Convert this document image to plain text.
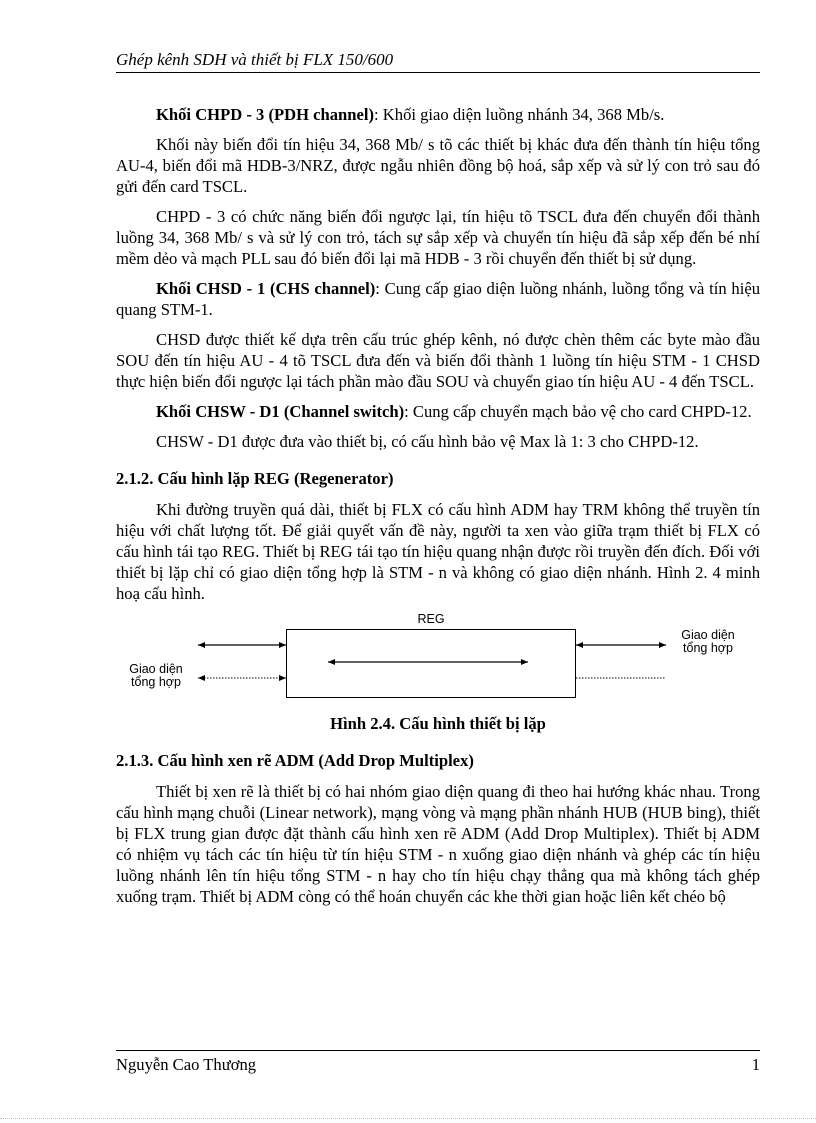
Ghép kênh SDH và thiết bị FLX 150/600

Khối CHPD - 3 (PDH channel): Khối giao diện luồng nhánh 34, 368 Mb/s.

Khối này biến đổi tín hiệu 34, 368 Mb/ s tõ các thiết bị khác đưa đến thành tín hiệu tổng AU-4, biến đổi mã HDB-3/NRZ, được ngẫu nhiên đồng bộ hoá, sắp xếp và sử lý con trỏ sau đó gửi đến card TSCL.

CHPD - 3 có chức năng biến đổi ngược lại, tín hiệu tõ TSCL đưa đến chuyển đổi thành luồng 34, 368 Mb/ s và sử lý con trỏ, tách sự sắp xếp và chuyển tín hiệu đã sắp xếp đến bé nhí mềm dẻo và mạch PLL sau đó biến đổi lại mã HDB - 3 rồi chuyển đến thiết bị sử dụng.

Khối CHSD - 1 (CHS channel): Cung cấp giao diện luồng nhánh, luồng tổng và tín hiệu quang STM-1.

CHSD được thiết kế dựa trên cấu trúc ghép kênh, nó được chèn thêm các byte mào đầu SOU đến tín hiệu AU - 4 tõ TSCL đưa đến và biến đổi thành 1 luồng tín hiệu STM - 1 CHSD thực hiện biến đổi ngược lại tách phần mào đầu SOU và chuyển giao tín hiệu AU - 4 đến TSCL.

Khối CHSW - D1 (Channel switch): Cung cấp chuyển mạch bảo vệ cho card CHPD-12.

CHSW - D1 được đưa vào thiết bị, có cấu hình bảo vệ Max là 1: 3 cho CHPD-12.

2.1.2. Cấu hình lặp REG (Regenerator)

Khi đường truyền quá dài, thiết bị FLX có cấu hình ADM hay TRM không thể truyền tín hiệu với chất lượng tốt. Để giải quyết vấn đề này, người ta xen vào giữa trạm thiết bị FLX có cấu hình tái tạo REG. Thiết bị REG tái tạo tín hiệu quang nhận được rồi truyền đến đích. Đối với thiết bị lặp chỉ có giao diện tổng hợp là STM - n và không có giao diện nhánh. Hình 2. 4 minh hoạ cấu hình.

REG
Giao diện
tổng hợp
Giao diện
tổng hợp
Hình 2.4. Cấu hình thiết bị lặp
2.1.3. Cấu hình xen rẽ ADM (Add Drop Multiplex)

Thiết bị xen rẽ là thiết bị có hai nhóm giao diện quang đi theo hai hướng khác nhau. Trong cấu hình mạng chuỗi (Linear network), mạng vòng và mạng phần nhánh HUB (HUB bing), thiết bị FLX trung gian được đặt thành cấu hình xen rẽ ADM (Add Drop Multiplex). Thiết bị ADM có nhiệm vụ tách các tín hiệu từ tín hiệu STM - n xuống giao diện nhánh và ghép các tín hiệu luồng nhánh lên tín hiệu tổng STM - n hay cho tín hiệu chạy thẳng qua mà không tách ghép xuống trạm. Thiết bị ADM còng có thể hoán chuyển các khe thời gian hoặc liên kết chéo bộ

Nguyễn Cao Thương	1
